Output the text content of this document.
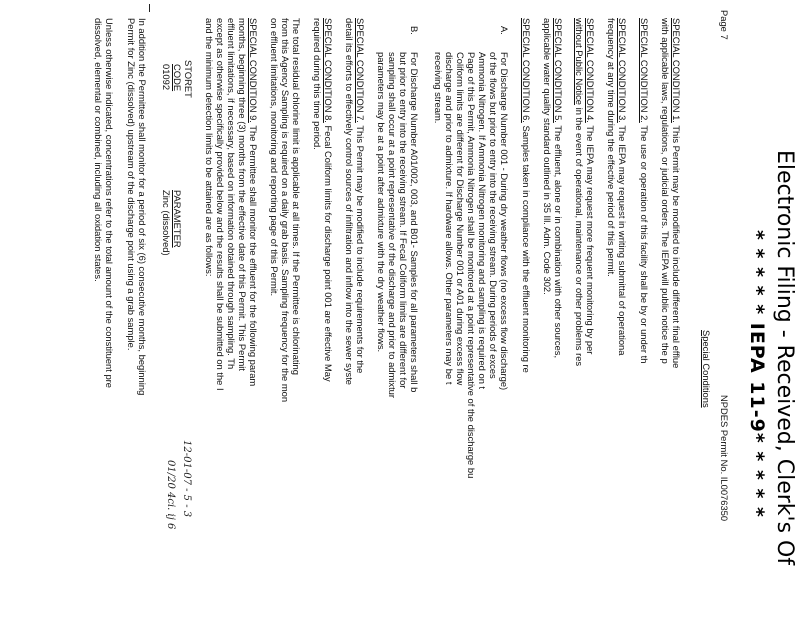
Electronic Filing - Received, Clerk's Of
* * * * * IEPA 11-9* * * * *
Page 7
NPDES Permit No. IL0076350
Special Conditions
SPECIAL CONDITION 1. This Permit may be modified to include different final efflue
with applicable laws, regulations, or judicial orders. The IEPA will public notice the p
SPECIAL CONDITION 2. The use or operation of this facility shall be by or under th
SPECIAL CONDITION 3. The IEPA may request in writing submittal of operationa
frequency at any time during the effective period of this permit.
SPECIAL CONDITION 4. The IEPA may request more frequent monitoring by per
without Public Notice in the event of operational, maintenance or other problems res
SPECIAL CONDITION 5. The effluent, alone or in combination with other sources,
applicable water quality standard outlined in 35 Ill. Adm. Code 302.
SPECIAL CONDITION 6. Samples taken in compliance with the effluent monitoring re
A.
For Discharge Number 001 - During dry weather flows (no excess flow discharge)
of the flows but prior to entry into the receiving stream. During periods of exces
Ammonia Nitrogen. If Ammonia Nitrogen monitoring and sampling is required on t
Page of this Permit, Ammonia Nitrogen shall be monitored at a point representative of the discharge bu
Coliform limits are different for Discharge Number 001 or A01 during excess flow
discharge and prior to admixture. If hardware allows. Other parameters may be t
receiving stream.
B.
For Discharge Number A01/002, 003, and B01- Samples for all parameters shall b
but prior to entry into the receiving stream. If Fecal Coliform limits are different for
sampling shall occur at a point representative of the discharge and prior to admixtur
parameters may be at a point after admixture with the dry weather flows.
SPECIAL CONDITION 7. This Permit may be modified to include requirements for the
detail its efforts to effectively control sources of infiltration and inflow into the sewer syste
SPECIAL CONDITION 8. Fecal Coliform limits for discharge point 001 are effective May
required during this time period.
The total residual chlorine limit is applicable at all times. If the Permittee is chlorinating
from this Agency Sampling is required on a daily grab basis. Sampling frequency for the mon
on effluent limitations, monitoring and reporting page of this Permit.
SPECIAL CONDITION 9. The Permittee shall monitor the effluent for the following param
months, beginning three (3) months from the effective date of this Permit. This Permit
effluent limitations, if necessary, based on information obtained through sampling. Th
except as otherwise specifically provided below and the results shall be submitted on the I
and the minimum detection limits to be attained are as follows:
STORET
CODE
PARAMETER
01092
Zinc (dissolved)
12-01-07 - 5 - 3
01/20 4ci. ij 6
In addition the Permittee shall monitor for a period of six (6) consecutive months, beginning
Permit for Zinc (dissolved) upstream of the discharge point using a grab sample.
Unless otherwise indicated, concentrations refer to the total amount of the constituent pre
dissolved, elemental or combined, including all oxidation states.
